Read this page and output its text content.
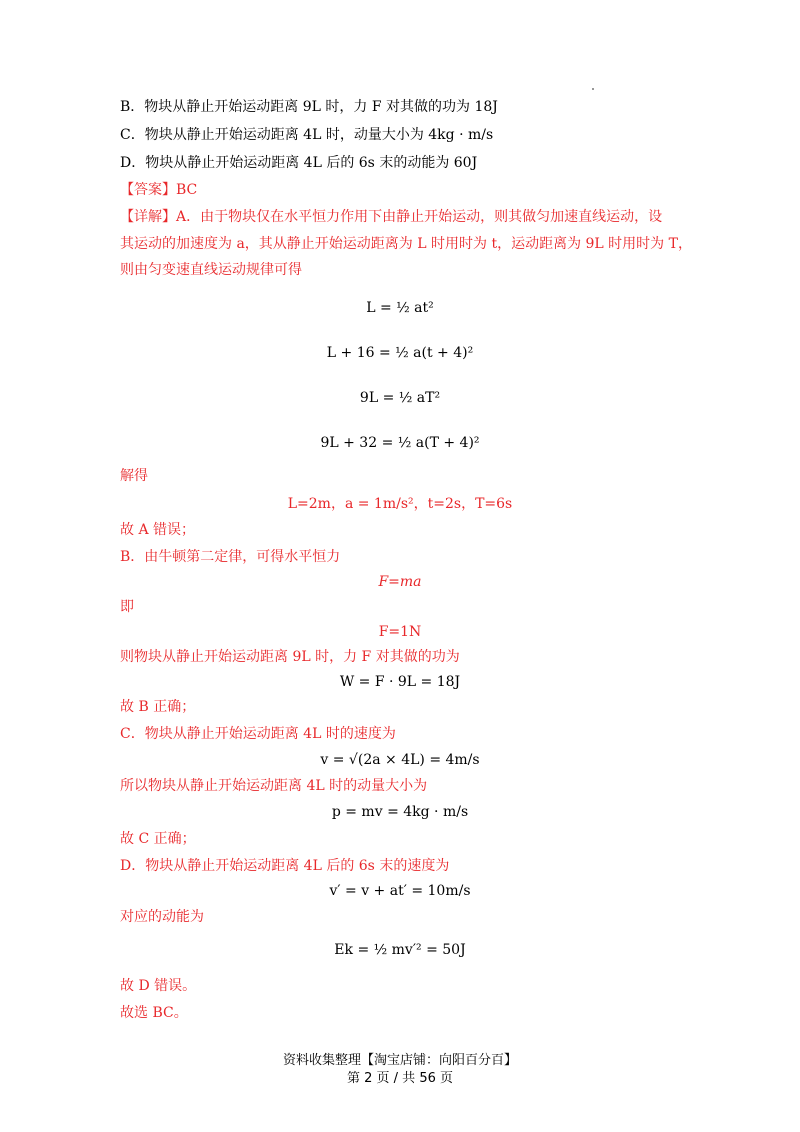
B．物块从静止开始运动距离 9L 时，力 F 对其做的功为 18J
C．物块从静止开始运动距离 4L 时，动量大小为 4kg · m/s
D．物块从静止开始运动距离 4L 后的 6s 末的动能为 60J
【答案】BC
【详解】A．由于物块仅在水平恒力作用下由静止开始运动，则其做匀加速直线运动，设
其运动的加速度为 a，其从静止开始运动距离为 L 时用时为 t，运动距离为 9L 时用时为 T，
则由匀变速直线运动规律可得
L = ½ at²
L + 16 = ½ a(t + 4)²
9L = ½ aT²
9L + 32 = ½ a(T + 4)²
解得
L=2m，a = 1m/s²，t=2s，T=6s
故 A 错误；
B．由牛顿第二定律，可得水平恒力
F=ma
即
F=1N
则物块从静止开始运动距离 9L 时，力 F 对其做的功为
W = F · 9L = 18J
故 B 正确；
C．物块从静止开始运动距离 4L 时的速度为
v = √(2a × 4L) = 4m/s
所以物块从静止开始运动距离 4L 时的动量大小为
p = mv = 4kg · m/s
故 C 正确；
D．物块从静止开始运动距离 4L 后的 6s 末的速度为
v′ = v + at′ = 10m/s
对应的动能为
Ek = ½ mv′² = 50J
故 D 错误。
故选 BC。
资料收集整理【淘宝店铺：向阳百分百】
第 2 页 / 共 56 页
